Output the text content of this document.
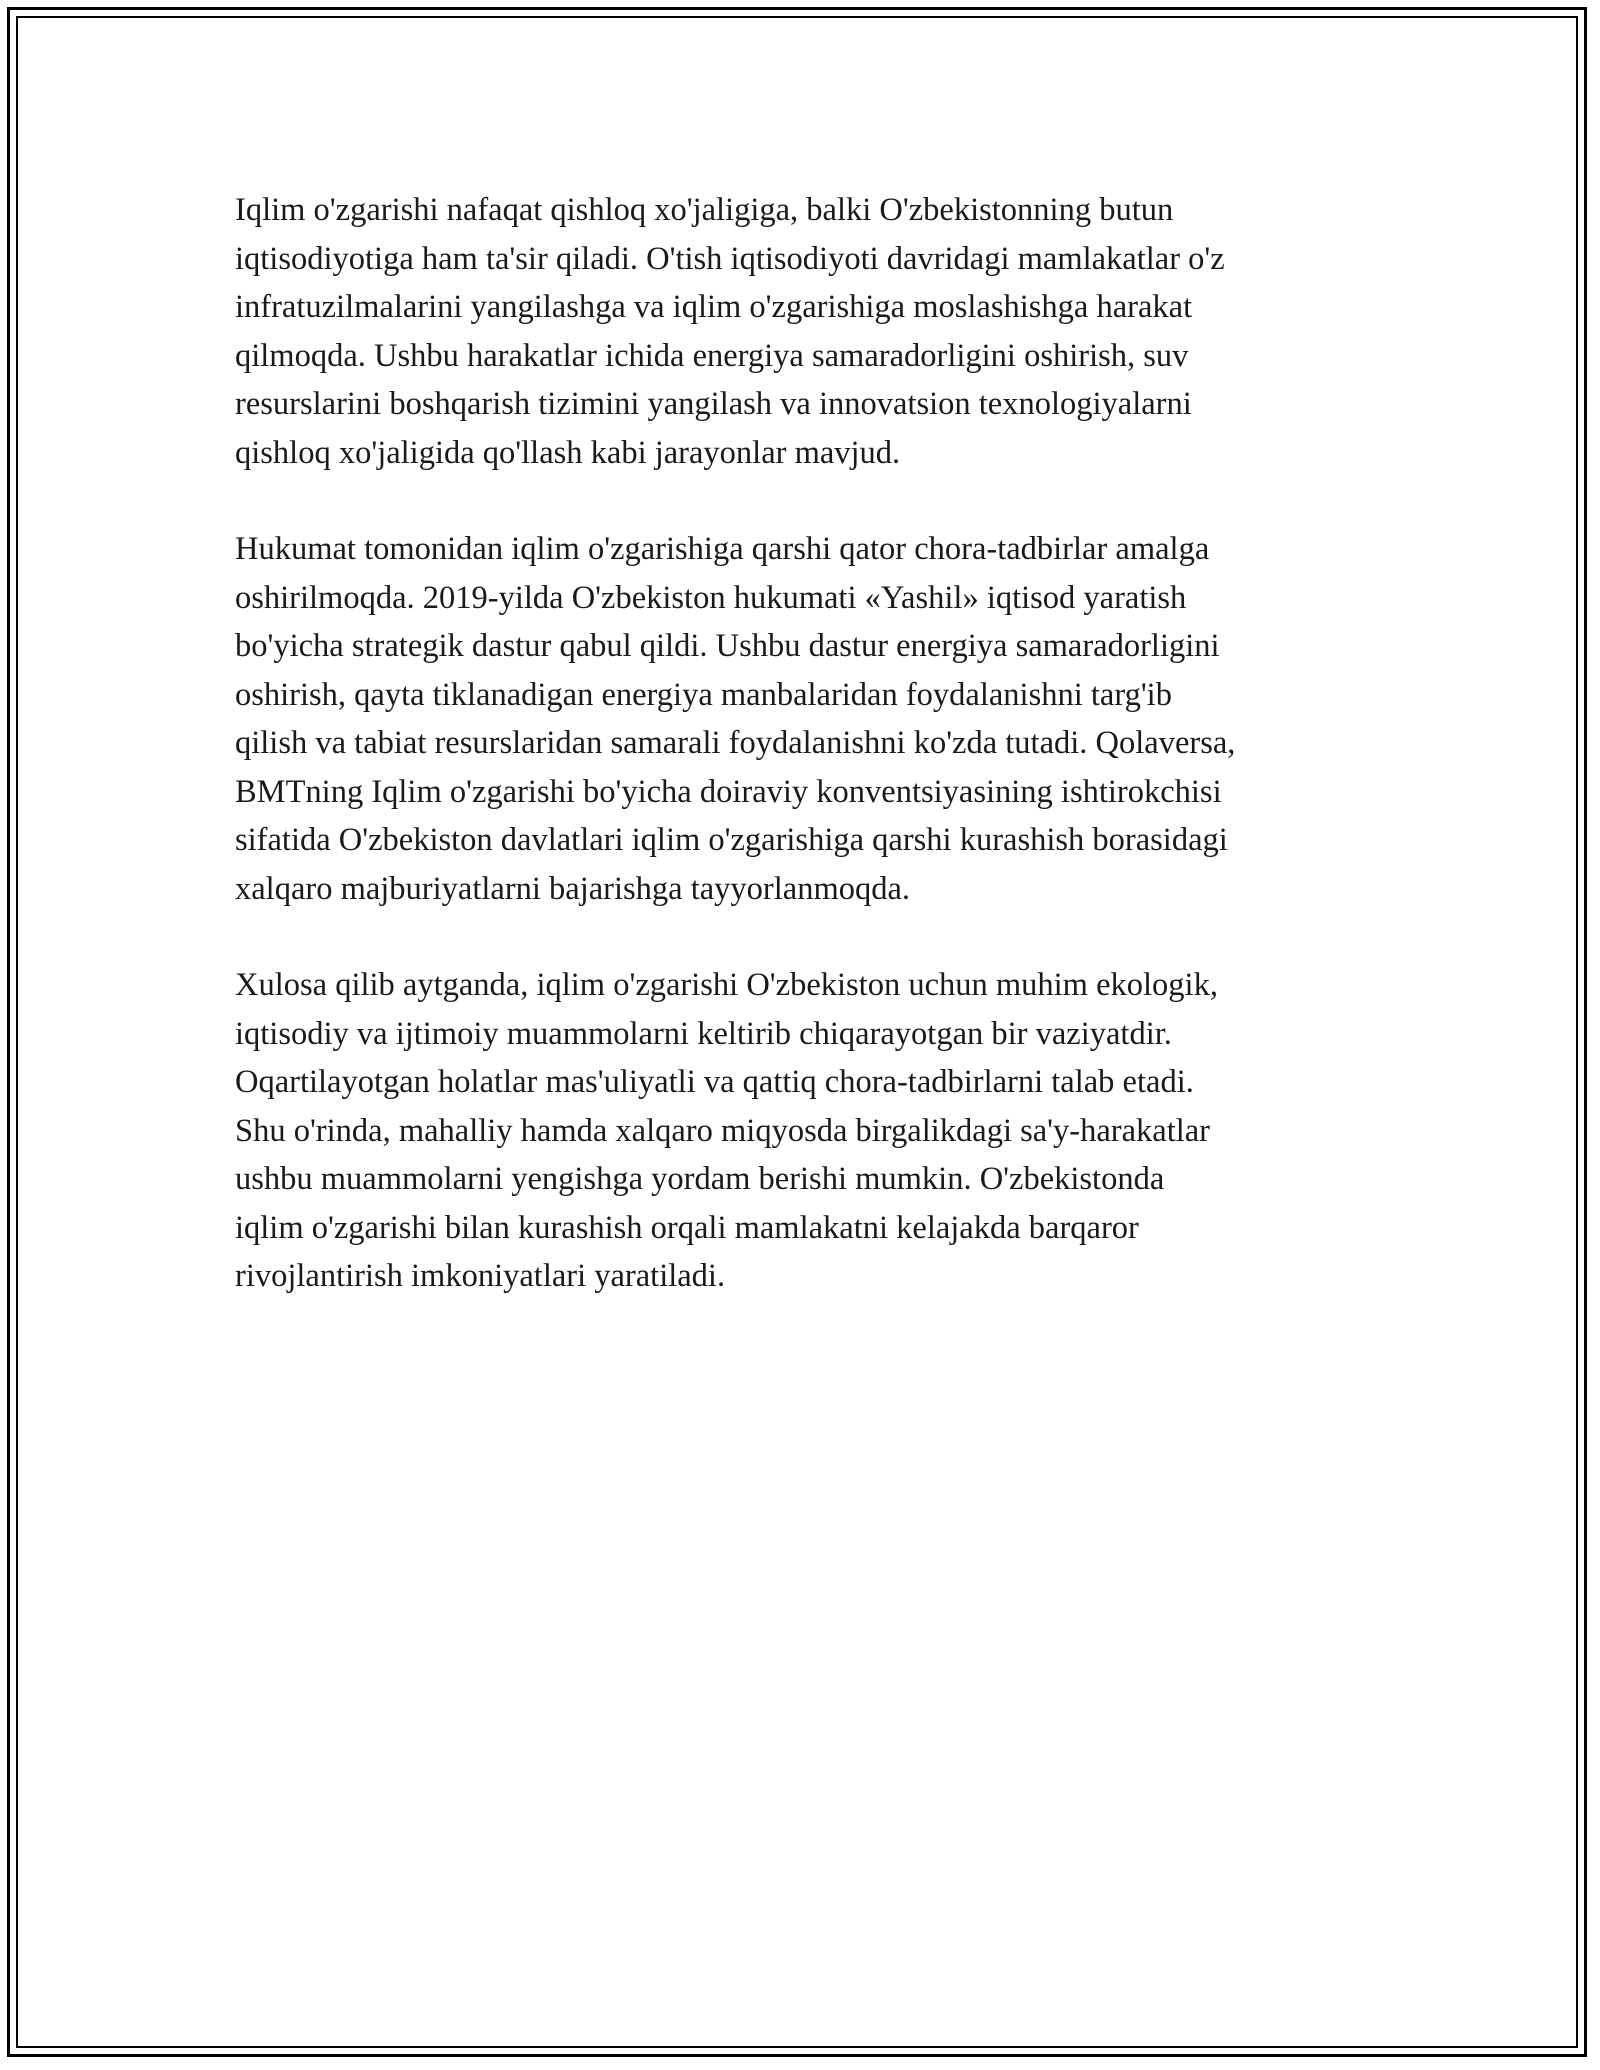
Iqlim o'zgarishi nafaqat qishloq xo'jaligiga, balki O'zbekistonning butun
iqtisodiyotiga ham ta'sir qiladi. O'tish iqtisodiyoti davridagi mamlakatlar o'z
infratuzilmalarini yangilashga va iqlim o'zgarishiga moslashishga harakat
qilmoqda. Ushbu harakatlar ichida energiya samaradorligini oshirish, suv
resurslarini boshqarish tizimini yangilash va innovatsion texnologiyalarni
qishloq xo'jaligida qo'llash kabi jarayonlar mavjud.

Hukumat tomonidan iqlim o'zgarishiga qarshi qator chora-tadbirlar amalga
oshirilmoqda. 2019-yilda O'zbekiston hukumati «Yashil» iqtisod yaratish
bo'yicha strategik dastur qabul qildi. Ushbu dastur energiya samaradorligini
oshirish, qayta tiklanadigan energiya manbalaridan foydalanishni targ'ib
qilish va tabiat resurslaridan samarali foydalanishni ko'zda tutadi. Qolaversa,
BMTning Iqlim o'zgarishi bo'yicha doiraviy konventsiyasining ishtirokchisi
sifatida O'zbekiston davlatlari iqlim o'zgarishiga qarshi kurashish borasidagi
xalqaro majburiyatlarni bajarishga tayyorlanmoqda.

Xulosa qilib aytganda, iqlim o'zgarishi O'zbekiston uchun muhim ekologik,
iqtisodiy va ijtimoiy muammolarni keltirib chiqarayotgan bir vaziyatdir.
Oqartilayotgan holatlar mas'uliyatli va qattiq chora-tadbirlarni talab etadi.
Shu o'rinda, mahalliy hamda xalqaro miqyosda birgalikdagi sa'y-harakatlar
ushbu muammolarni yengishga yordam berishi mumkin. O'zbekistonda
iqlim o'zgarishi bilan kurashish orqali mamlakatni kelajakda barqaror
rivojlantirish imkoniyatlari yaratiladi.
